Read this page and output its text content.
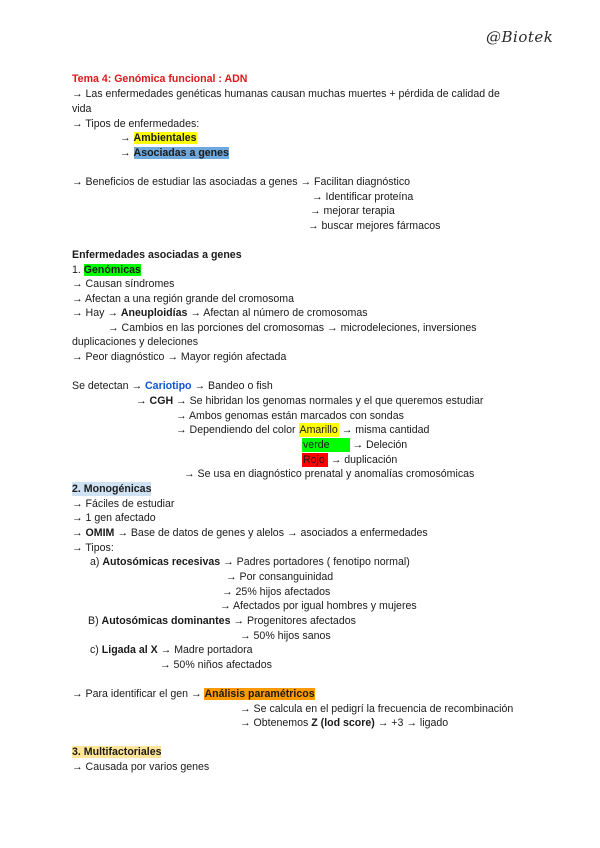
@Biotek
Tema 4: Genómica funcional : ADN
→ Las enfermedades genéticas humanas causan muchas muertes + pérdida de calidad de
vida
→ Tipos de enfermedades:
→ Ambientales
→ Asociadas a genes
→ Beneficios de estudiar las asociadas a genes → Facilitan diagnóstico
→ Identificar proteína
→ mejorar terapia
→ buscar mejores fármacos
Enfermedades asociadas a genes
1. Genómicas
→ Causan síndromes
→ Afectan a una región grande del cromosoma
→ Hay → Aneuploidías → Afectan al número de cromosomas
→ Cambios en las porciones del cromosomas → microdeleciones, inversiones
duplicaciones y deleciones
→ Peor diagnóstico → Mayor región afectada
Se detectan → Cariotipo → Bandeo o fish
→ CGH → Se hibridan los genomas normales y el que queremos estudiar
→ Ambos genomas están marcados con sondas
→ Dependiendo del color Amarillo → misma cantidad
verde → Deleción
Rojo → duplicación
→ Se usa en diagnóstico prenatal y anomalías cromosómicas
2. Monogénicas
→ Fáciles de estudiar
→ 1 gen afectado
→ OMIM → Base de datos de genes y alelos → asociados a enfermedades
→ Tipos:
a) Autosómicas recesivas → Padres portadores ( fenotipo normal)
→ Por consanguinidad
→ 25% hijos afectados
→ Afectados por igual hombres y mujeres
B) Autosómicas dominantes → Progenitores afectados
→ 50% hijos sanos
c) Ligada al X → Madre portadora
→ 50% niños afectados
→ Para identificar el gen → Análisis paramétricos
→ Se calcula en el pedigrí la frecuencia de recombinación
→ Obtenemos Z (lod score) → +3 → ligado
3. Multifactoriales
→ Causada por varios genes
